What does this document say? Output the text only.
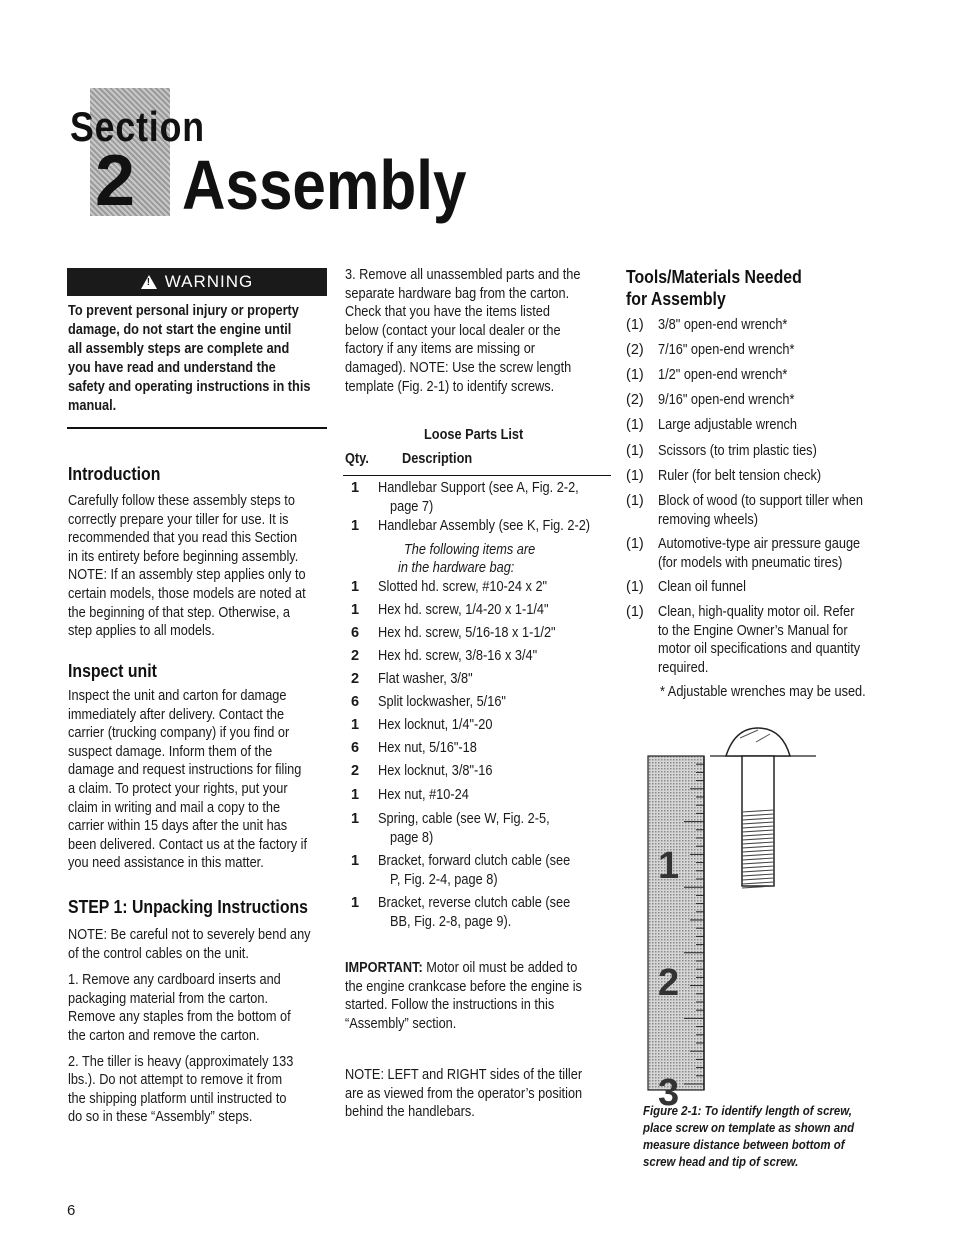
Section
2 Assembly
!
WARNING
To prevent personal injury or property
damage, do not start the engine until
all assembly steps are complete and
you have read and understand the
safety and operating instructions in this
manual.
Introduction
Carefully follow these assembly steps to
correctly prepare your tiller for use. It is
recommended that you read this Section
in its entirety before beginning assembly.
NOTE: If an assembly step applies only to
certain models, those models are noted at
the beginning of that step. Otherwise, a
step applies to all models.
Inspect unit
Inspect the unit and carton for damage
immediately after delivery. Contact the
carrier (trucking company) if you find or
suspect damage. Inform them of the
damage and request instructions for filing
a claim. To protect your rights, put your
claim in writing and mail a copy to the
carrier within 15 days after the unit has
been delivered. Contact us at the factory if
you need assistance in this matter.
STEP 1: Unpacking Instructions
NOTE: Be careful not to severely bend any
of the control cables on the unit.
1. Remove any cardboard inserts and
packaging material from the carton.
Remove any staples from the bottom of
the carton and remove the carton.
2. The tiller is heavy (approximately 133
lbs.). Do not attempt to remove it from
the shipping platform until instructed to
do so in these “Assembly” steps.
3. Remove all unassembled parts and the
separate hardware bag from the carton.
Check that you have the items listed
below (contact your local dealer or the
factory if any items are missing or
damaged). NOTE: Use the screw length
template (Fig. 2-1) to identify screws.
Loose Parts List
Qty. Description
1 Handlebar Support (see A, Fig. 2-2,
page 7)
1 Handlebar Assembly (see K, Fig. 2-2)
The following items are
in the hardware bag:
1 Slotted hd. screw, #10-24 x 2"
1 Hex hd. screw, 1/4-20 x 1-1/4"
6 Hex hd. screw, 5/16-18 x 1-1/2"
2 Hex hd. screw, 3/8-16 x 3/4"
2 Flat washer, 3/8"
6 Split lockwasher, 5/16"
1 Hex locknut, 1/4"-20
6 Hex nut, 5/16"-18
2 Hex locknut, 3/8"-16
1 Hex nut, #10-24
1 Spring, cable (see W, Fig. 2-5,
page 8)
1 Bracket, forward clutch cable (see
P, Fig. 2-4, page 8)
1 Bracket, reverse clutch cable (see
BB, Fig. 2-8, page 9).
IMPORTANT: Motor oil must be added to
the engine crankcase before the engine is
started. Follow the instructions in this
“Assembly” section.
NOTE: LEFT and RIGHT sides of the tiller
are as viewed from the operator’s position
behind the handlebars.
Tools/Materials Needed
for Assembly
(1) 3/8" open-end wrench*
(2) 7/16" open-end wrench*
(1) 1/2" open-end wrench*
(2) 9/16" open-end wrench*
(1) Large adjustable wrench
(1) Scissors (to trim plastic ties)
(1) Ruler (for belt tension check)
(1) Block of wood (to support tiller when
removing wheels)
(1) Automotive-type air pressure gauge
(for models with pneumatic tires)
(1) Clean oil funnel
(1) Clean, high-quality motor oil. Refer
to the Engine Owner’s Manual for
motor oil specifications and quantity
required.
* Adjustable wrenches may be used.
1
2
3
Figure 2-1: To identify length of screw,
place screw on template as shown and
measure distance between bottom of
screw head and tip of screw.
6
